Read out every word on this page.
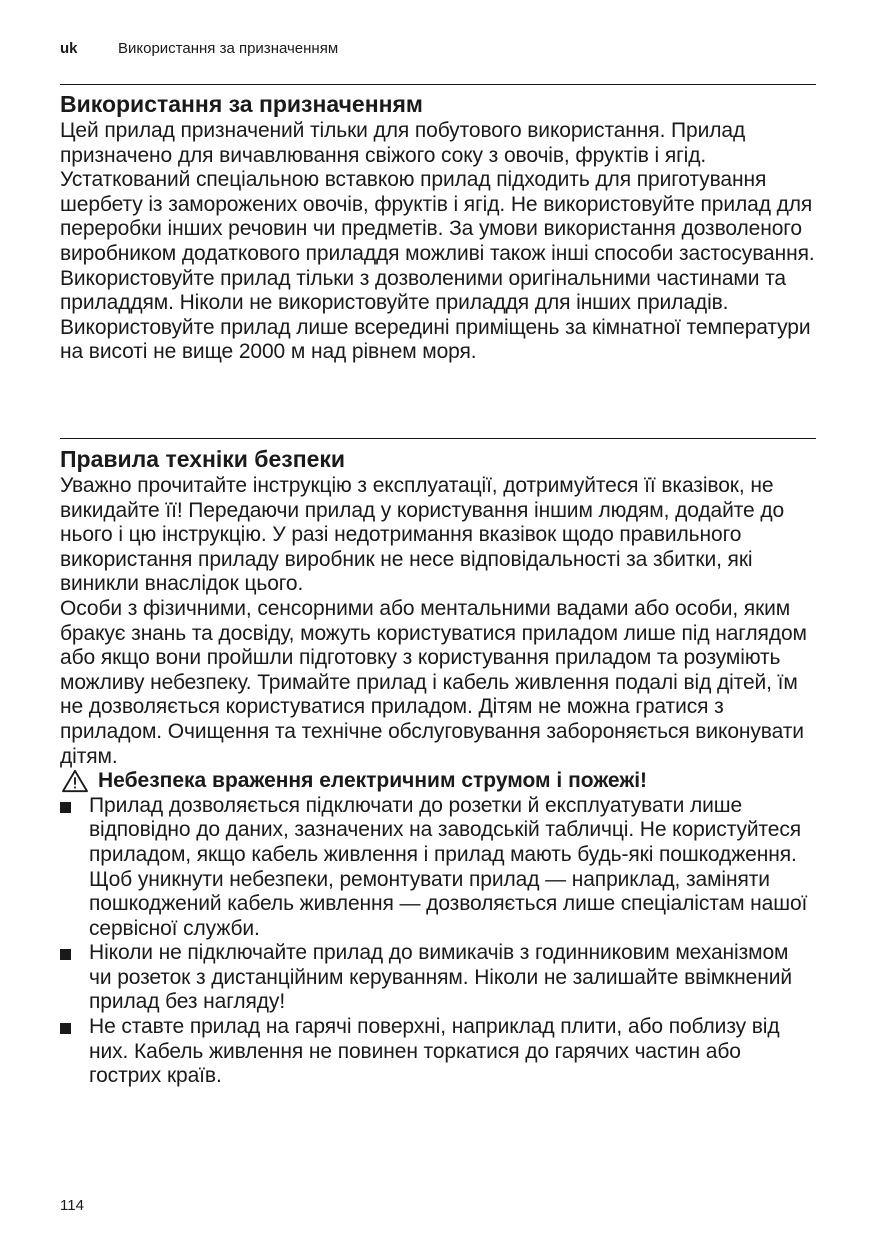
uk	Використання за призначенням
Використання за призначенням

Цей прилад призначений тільки для побутового використання. Прилад призначено для вичавлювання свіжого соку з овочів, фруктів і ягід. Устаткований спеціальною вставкою прилад підходить для приготування шербету із заморожених овочів, фруктів і ягід. Не використовуйте прилад для переробки інших речовин чи предметів. За умови використання дозволеного виробником додаткового приладдя можливі також інші способи застосування. Використовуйте прилад тільки з дозволеними оригінальними частинами та приладдям. Ніколи не використовуйте приладдя для інших приладів.

Використовуйте прилад лише всередині приміщень за кімнатної температури на висоті не вище 2000 м над рівнем моря.

Правила техніки безпеки

Уважно прочитайте інструкцію з експлуатації, дотримуйтеся її вказівок, не викидайте її! Передаючи прилад у користування іншим людям, додайте до нього і цю інструкцію. У разі недотримання вказівок щодо правильного використання приладу виробник не несе відповідальності за збитки, які виникли внаслідок цього.

Особи з фізичними, сенсорними або ментальними вадами або особи, яким бракує знань та досвіду, можуть користуватися приладом лише під наглядом або якщо вони пройшли підготовку з користування приладом та розуміють можливу небезпеку. Тримайте прилад і кабель живлення подалі від дітей, їм не дозволяється користуватися приладом. Дітям не можна гратися з приладом. Очищення та технічне обслуговування забороняється виконувати дітям.

Небезпека враження електричним струмом і пожежі!
Прилад дозволяється підключати до розетки й експлуатувати лише відповідно до даних, зазначених на заводській табличці. Не користуйтеся приладом, якщо кабель живлення і прилад мають будь-які пошкодження. Щоб уникнути небезпеки, ремонтувати прилад — наприклад, заміняти пошкоджений кабель живлення — дозволяється лише спеціалістам нашої сервісної служби.
Ніколи не підключайте прилад до вимикачів з годинниковим механізмом чи розеток з дистанційним керуванням. Ніколи не залишайте ввімкнений прилад без нагляду!
Не ставте прилад на гарячі поверхні, наприклад плити, або поблизу від них. Кабель живлення не повинен торкатися до гарячих частин або гострих країв.
114
